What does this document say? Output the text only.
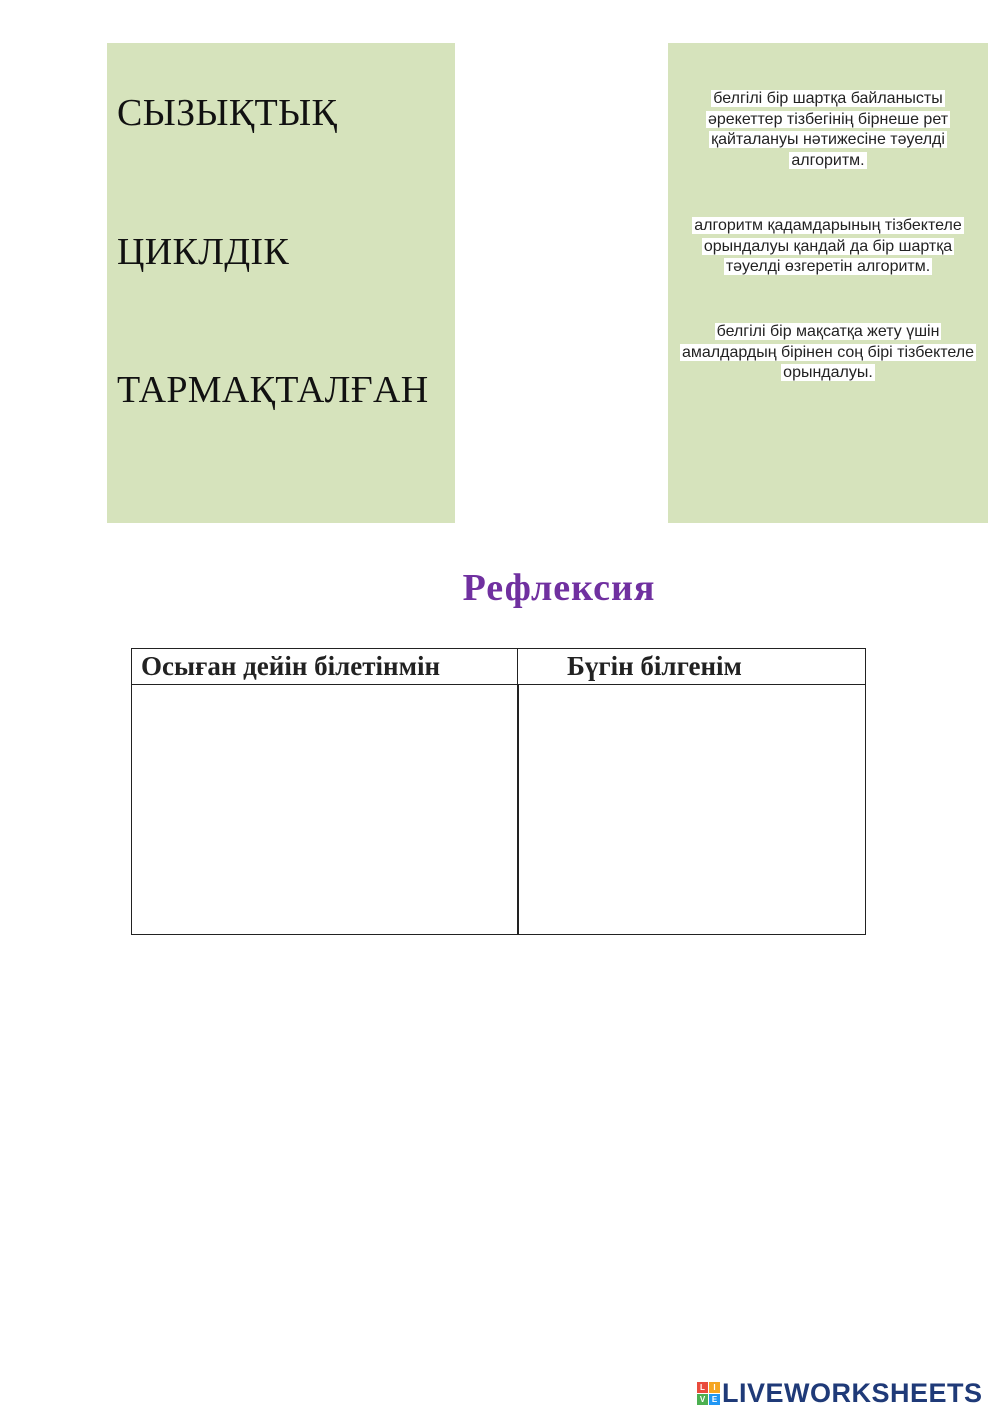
СЫЗЫҚТЫҚ
ЦИКЛДІК
ТАРМАҚТАЛҒАН
белгілі бір шартқа байланысты әрекеттер тізбегінің бірнеше рет қайталануы нәтижесіне тәуелді алгоритм.
алгоритм қадамдарының тізбектеле орындалуы қандай да бір шартқа тәуелді өзгеретін алгоритм.
белгілі бір мақсатқа жету үшін амалдардың бірінен соң бірі тізбектеле орындалуы.
Рефлексия
Осыған дейін білетінмін	Бүгін білгенім

L	I
V E LIVEWORKSHEETS
